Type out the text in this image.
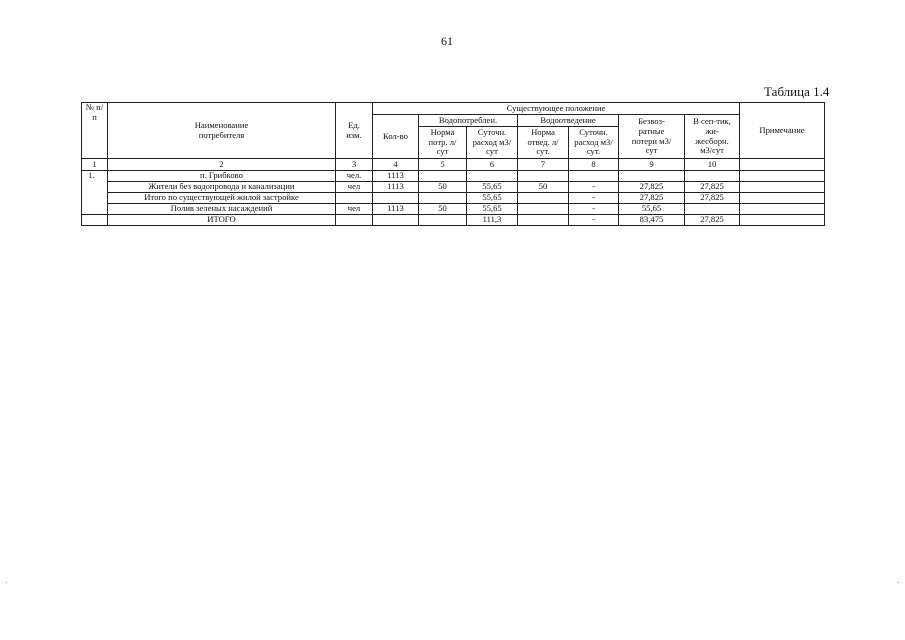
61
Таблица 1.4
№ п/п	Наименование потребителя	Ед. изм.	Существующее положение							Примечание
			Кол-во	Водопотреблен.		Водоотведение		Безвоз-ратные потери м3/сут	В сеп-тик, жи-жесборн. м3/сут	
				Норма потр. л/сут	Суточн. расход м3/сут	Норма отвед. л/сут.	Суточн. расход м3/сут.			
1	2	3	4	5	6	7	8	9	10	
1.	п. Грибково	чел.	1113							
	Жители без водопровода и канализации	чел	1113	50	55,65	50	-	27,825	27,825	
	Итого по существующей жилой застройке				55,65		-	27,825	27,825	
	Полив зеленых насаждений	чел	1113	50	55,65		-	55,65		
	ИТОГО				111,3		-	83,475	27,825	
